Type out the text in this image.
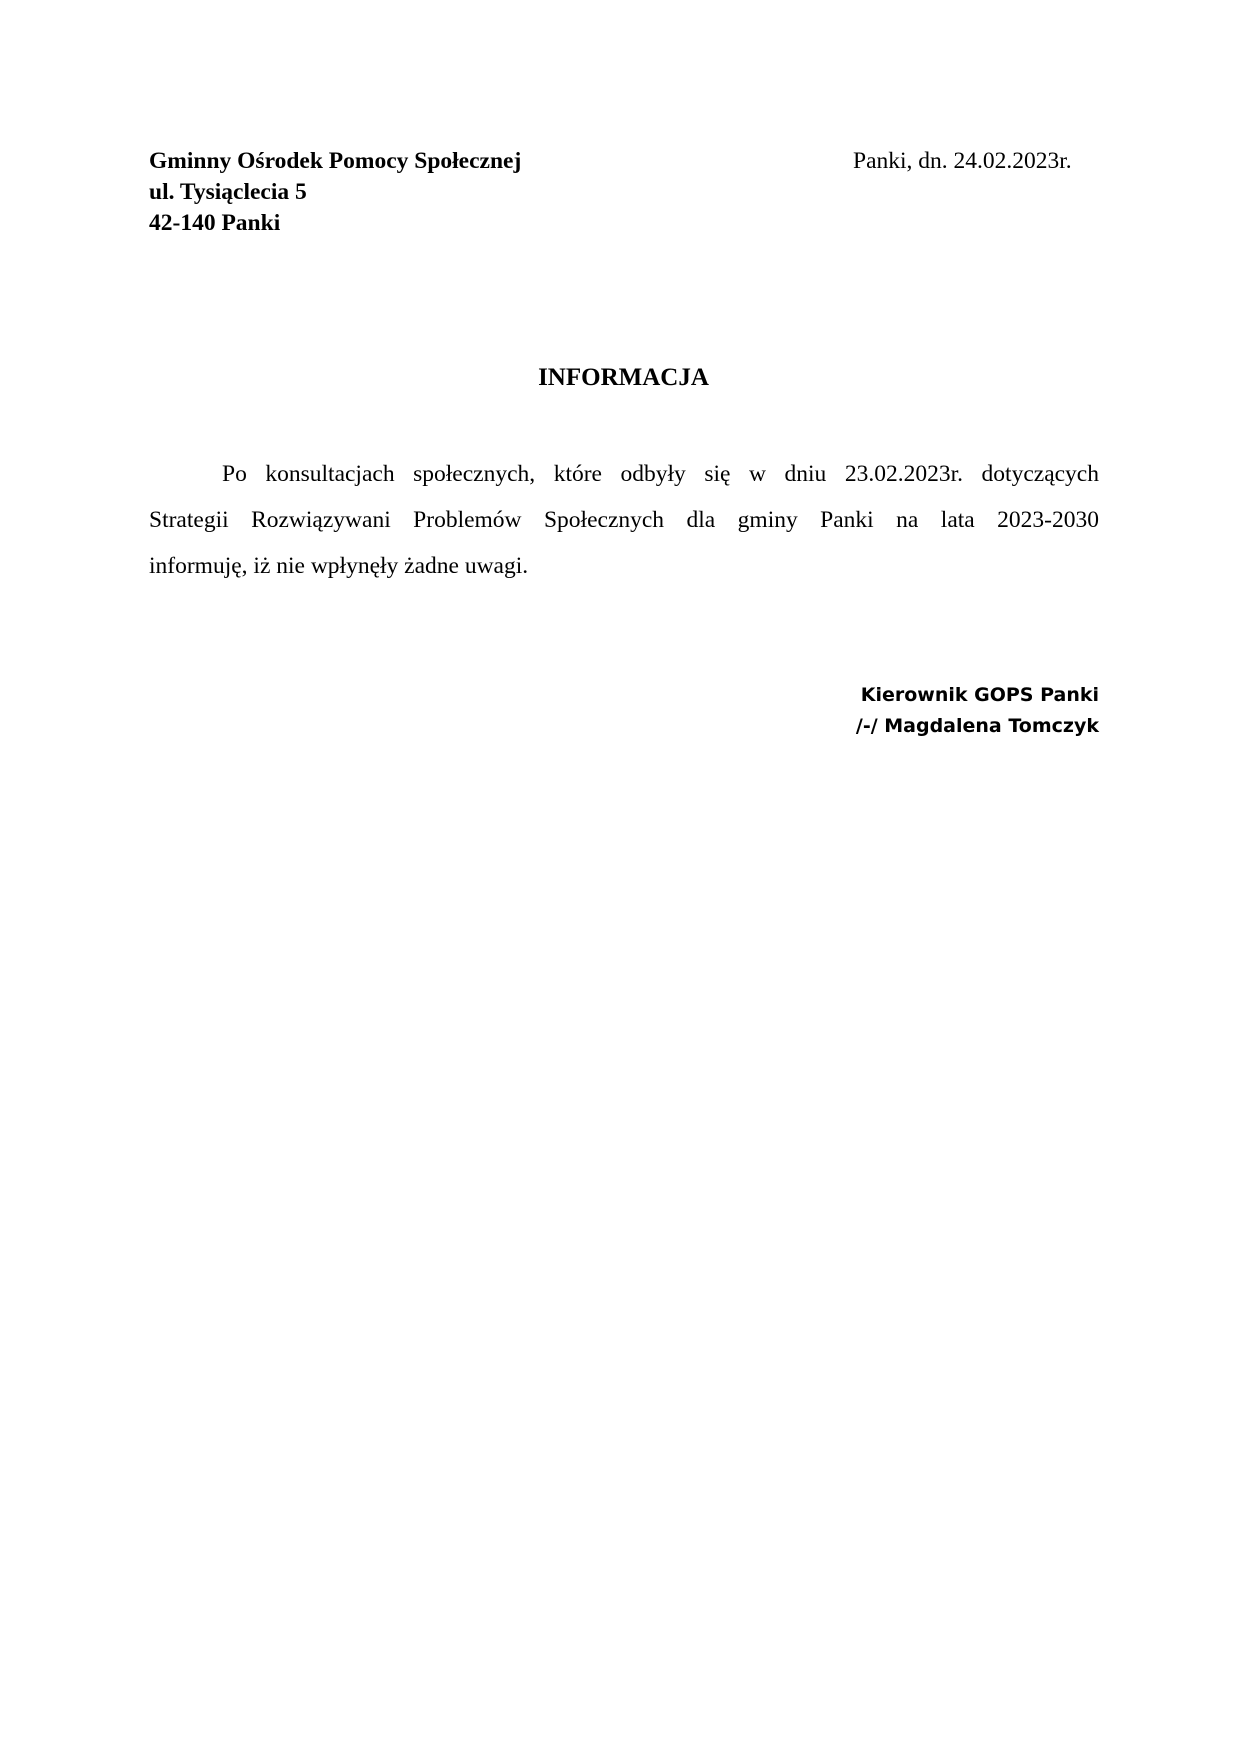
Gminny Ośrodek Pomocy Społecznej
ul. Tysiąclecia 5
42-140 Panki
Panki, dn. 24.02.2023r.
INFORMACJA
Po konsultacjach społecznych, które odbyły się w dniu 23.02.2023r. dotyczących
Strategii Rozwiązywani Problemów Społecznych dla gminy Panki na lata 2023-2030
informuję, iż nie wpłynęły żadne uwagi.
Kierownik GOPS Panki
/-/ Magdalena Tomczyk
